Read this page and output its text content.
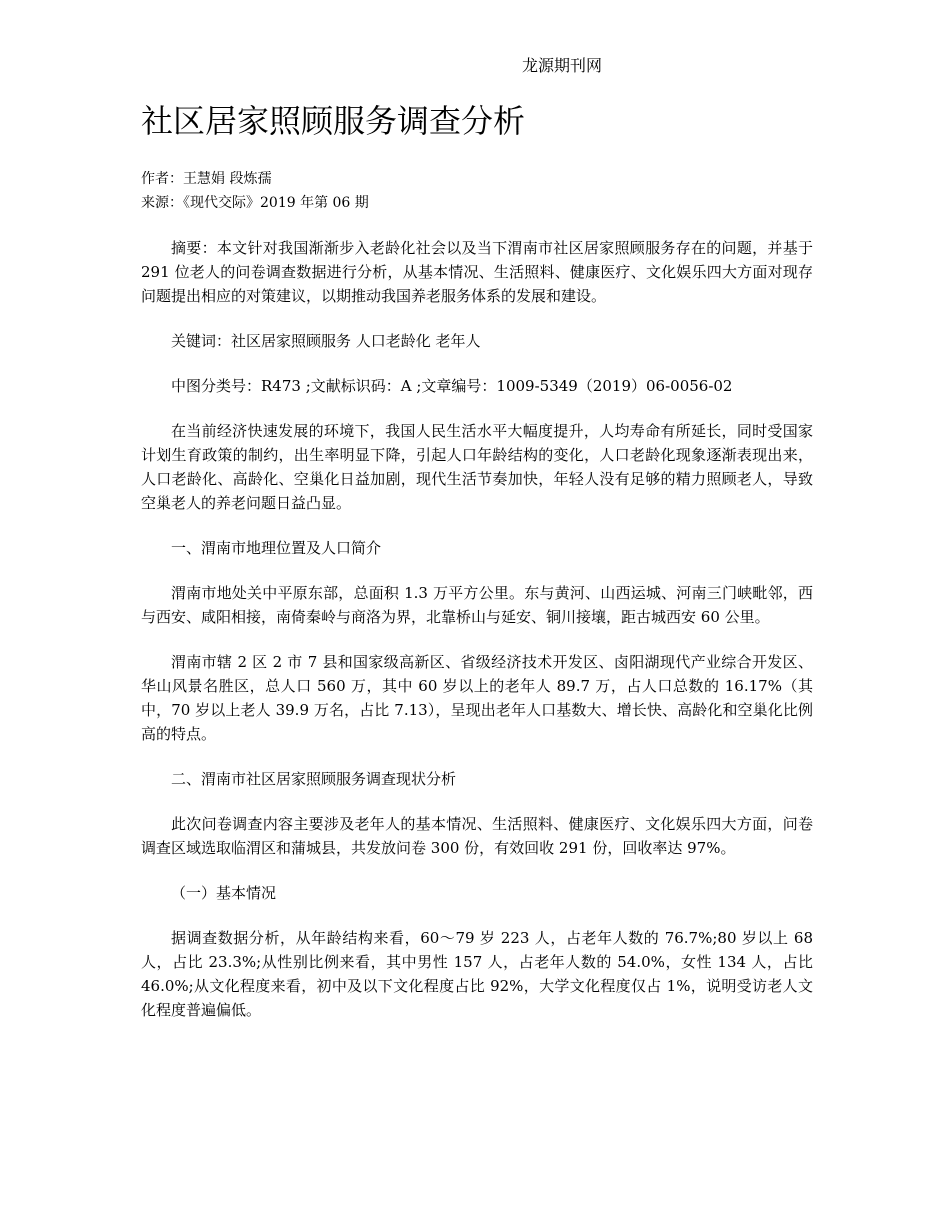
龙源期刊网
社区居家照顾服务调查分析
作者：王慧娟 段炼孺
来源：《现代交际》2019 年第 06 期

摘要：本文针对我国渐渐步入老龄化社会以及当下渭南市社区居家照顾服务存在的问题，并基于 291 位老人的问卷调查数据进行分析，从基本情况、生活照料、健康医疗、文化娱乐四大方面对现存问题提出相应的对策建议，以期推动我国养老服务体系的发展和建设。

关键词：社区居家照顾服务 人口老龄化 老年人

中图分类号：R473 ;文献标识码：A ;文章编号：1009-5349（2019）06-0056-02

在当前经济快速发展的环境下，我国人民生活水平大幅度提升，人均寿命有所延长，同时受国家计划生育政策的制约，出生率明显下降，引起人口年龄结构的变化，人口老龄化现象逐渐表现出来，人口老龄化、高龄化、空巢化日益加剧，现代生活节奏加快，年轻人没有足够的精力照顾老人，导致空巢老人的养老问题日益凸显。

一、渭南市地理位置及人口简介

渭南市地处关中平原东部，总面积 1.3 万平方公里。东与黄河、山西运城、河南三门峡毗邻，西与西安、咸阳相接，南倚秦岭与商洛为界，北靠桥山与延安、铜川接壤，距古城西安 60 公里。

渭南市辖 2 区 2 市 7 县和国家级高新区、省级经济技术开发区、卤阳湖现代产业综合开发区、华山风景名胜区，总人口 560 万，其中 60 岁以上的老年人 89.7 万，占人口总数的 16.17%（其中，70 岁以上老人 39.9 万名，占比 7.13），呈现出老年人口基数大、增长快、高龄化和空巢化比例高的特点。

二、渭南市社区居家照顾服务调查现状分析

此次问卷调查内容主要涉及老年人的基本情况、生活照料、健康医疗、文化娱乐四大方面，问卷调查区域选取临渭区和蒲城县，共发放问卷 300 份，有效回收 291 份，回收率达 97%。

（一）基本情况

据调查数据分析，从年龄结构来看，60～79 岁 223 人，占老年人数的 76.7%;80 岁以上 68 人，占比 23.3%;从性别比例来看，其中男性 157 人，占老年人数的 54.0%，女性 134 人，占比 46.0%;从文化程度来看，初中及以下文化程度占比 92%，大学文化程度仅占 1%，说明受访老人文化程度普遍偏低。
